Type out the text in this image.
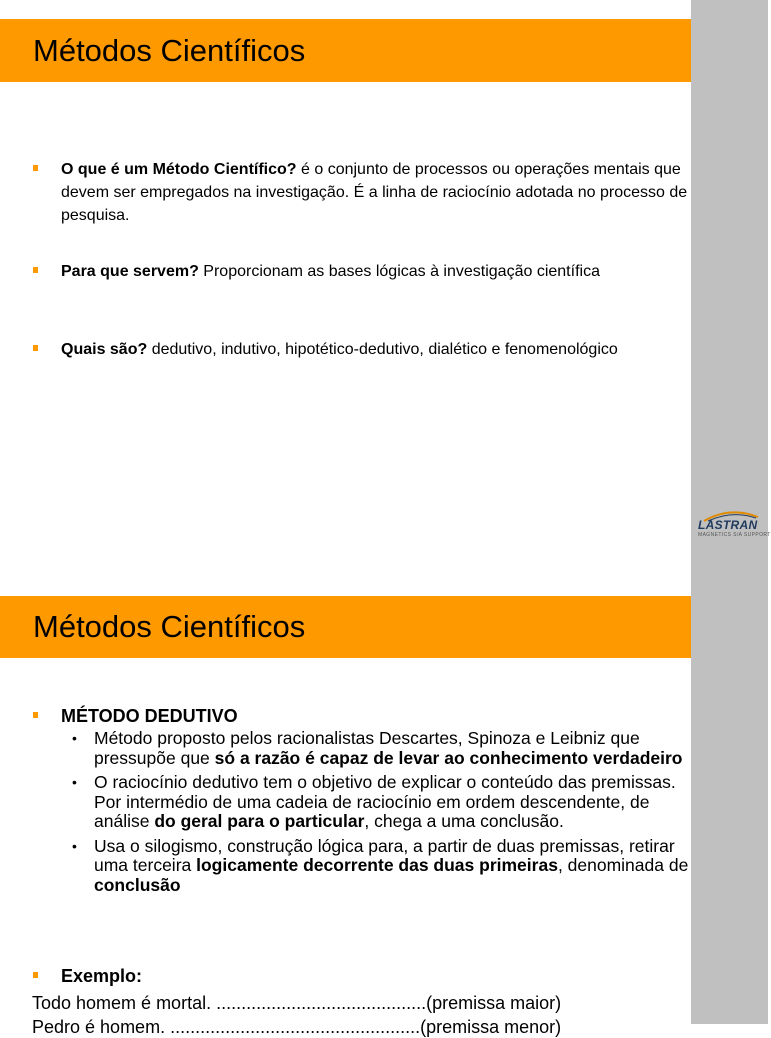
Métodos Científicos
O que é um Método Científico? é o conjunto de processos ou operações mentais que devem ser empregados na investigação. É a linha de raciocínio adotada no processo de pesquisa.
Para que servem? Proporcionam as bases lógicas à investigação científica
Quais são? dedutivo, indutivo, hipotético-dedutivo, dialético e fenomenológico
LASTRAN
MAGNETICS S/A SUPPORT
Métodos Científicos
MÉTODO DEDUTIVO
• Método proposto pelos racionalistas Descartes, Spinoza e Leibniz que pressupõe que só a razão é capaz de levar ao conhecimento verdadeiro
• O raciocínio dedutivo tem o objetivo de explicar o conteúdo das premissas. Por intermédio de uma cadeia de raciocínio em ordem descendente, de análise do geral para o particular, chega a uma conclusão.
• Usa o silogismo, construção lógica para, a partir de duas premissas, retirar uma terceira logicamente decorrente das duas primeiras, denominada de conclusão
Exemplo:
Todo homem é mortal. ..........................................(premissa maior)
Pedro é homem. ..................................................(premissa menor)
